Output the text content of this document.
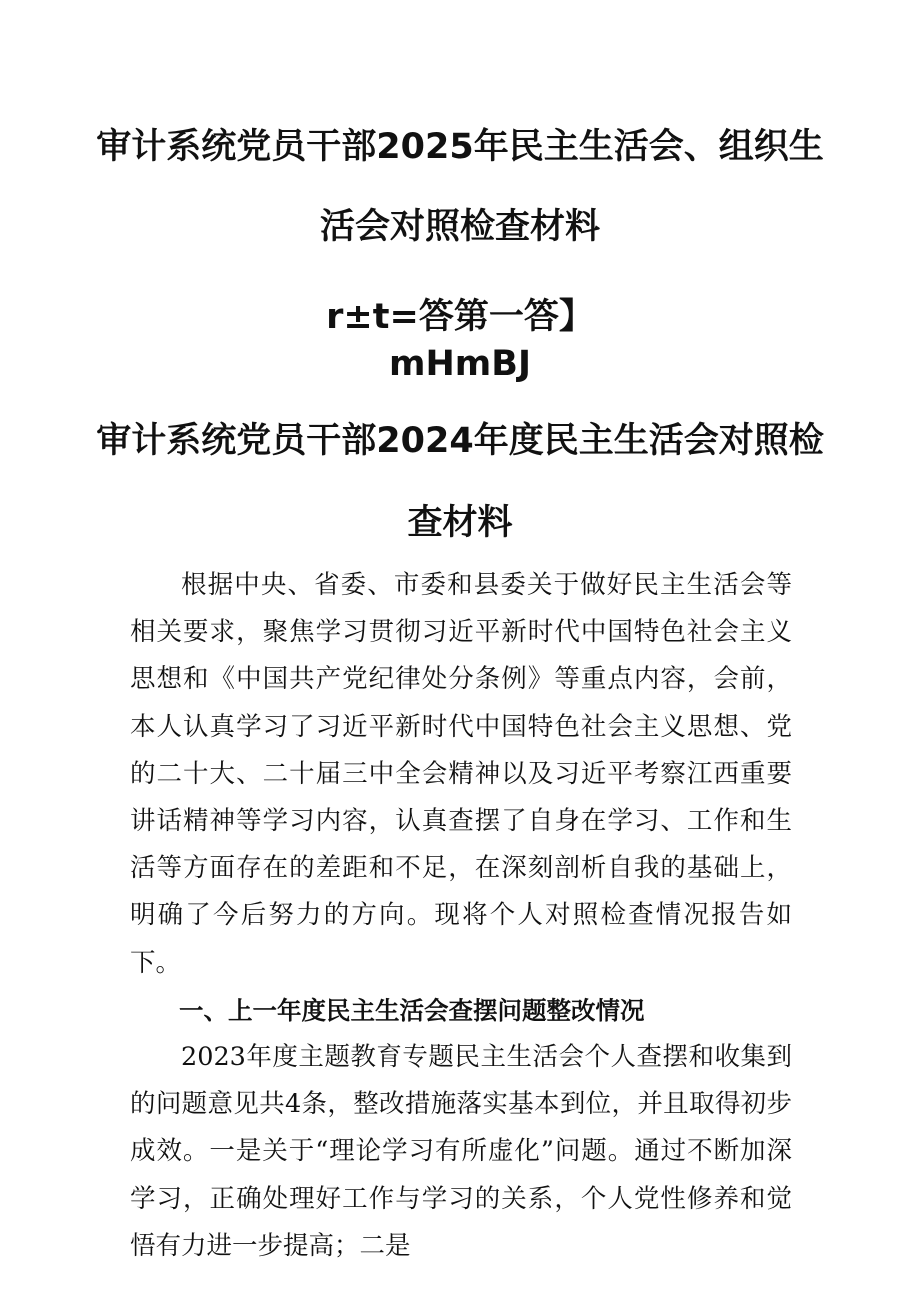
审计系统党员干部2025年民主生活会、组织生
活会对照检查材料
r±t=答第一答】
mHmBJ
审计系统党员干部2024年度民主生活会对照检
查材料

根据中央、省委、市委和县委关于做好民主生活会等相关要求，聚焦学习贯彻习近平新时代中国特色社会主义思想和《中国共产党纪律处分条例》等重点内容，会前，本人认真学习了习近平新时代中国特色社会主义思想、党的二十大、二十届三中全会精神以及习近平考察江西重要讲话精神等学习内容，认真查摆了自身在学习、工作和生活等方面存在的差距和不足，在深刻剖析自我的基础上，明确了今后努力的方向。现将个人对照检查情况报告如下。

一、上一年度民主生活会查摆问题整改情况

2023年度主题教育专题民主生活会个人查摆和收集到的问题意见共4条，整改措施落实基本到位，并且取得初步成效。一是关于“理论学习有所虚化”问题。通过不断加深学习，正确处理好工作与学习的关系，个人党性修养和觉悟有力进一步提高；二是
